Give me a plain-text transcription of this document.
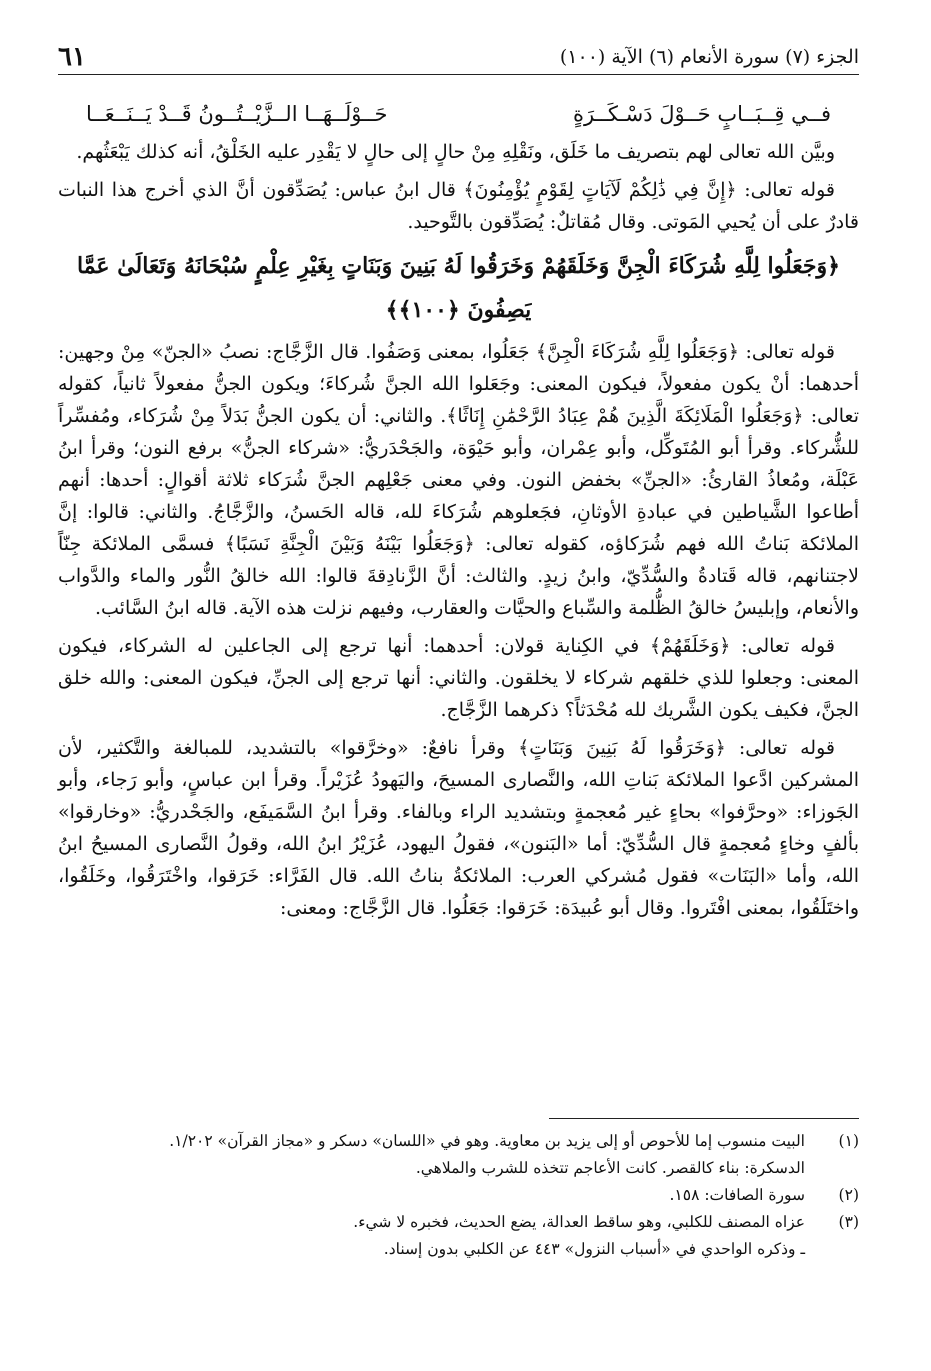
الجزء (٧) سورة الأنعام (٦) الآية (١٠٠)
٦١
فــي قِــبَــابٍ حَــوْلَ دَسْـكَــرَةٍ
حَــوْلَــهَــا الــزَّيْــتُــونُ قَــدْ يَــنَــعَــا

وبيَّن الله تعالى لهم بتصريف ما خَلَق، ونَقْلِهِ مِنْ حالٍ إلى حالٍ لا يَقْدِر عليه الخَلْقُ، أنه كذلك يَبْعَثُهم.

قوله تعالى: ﴿إِنَّ فِي ذَٰلِكُمْ لَآيَاتٍ لِقَوْمٍ يُؤْمِنُونَ﴾ قال ابنُ عباس: يُصَدِّقون أنَّ الذي أخرج هذا النبات قادرٌ على أن يُحيي المَوتى. وقال مُقاتلٌ: يُصَدِّقون بالتَّوحيد.

﴿وَجَعَلُوا لِلَّهِ شُرَكَاءَ الْجِنَّ وَخَلَقَهُمْ وَخَرَقُوا لَهُ بَنِينَ وَبَنَاتٍ بِغَيْرِ عِلْمٍ سُبْحَانَهُ وَتَعَالَىٰ عَمَّا يَصِفُونَ ﴿١٠٠﴾﴾

قوله تعالى: ﴿وَجَعَلُوا لِلَّهِ شُرَكَاءَ الْجِنَّ﴾ جَعَلُوا، بمعنى وَصَفُوا. قال الزَّجَّاج: نصبُ «الجنّ» مِنْ وجهين: أحدهما: أنْ يكون مفعولاً، فيكون المعنى: وجَعَلوا الله الجنَّ شُركاءَ؛ ويكون الجنُّ مفعولاً ثانياً، كقوله تعالى: ﴿وَجَعَلُوا الْمَلَائِكَةَ الَّذِينَ هُمْ عِبَادُ الرَّحْمَٰنِ إِنَاثًا﴾. والثاني: أن يكون الجنُّ بَدَلاً مِنْ شُرَكاء، ومُفسِّراً للشُّركاء. وقرأ أبو المُتَوكِّل، وأبو عِمْران، وأبو حَيْوَة، والجَحْدَريُّ: «شركاء الجنُّ» برفع النون؛ وقرأ ابنُ عَبْلَة، ومُعاذُ القارئُ: «الجنِّ» بخفض النون. وفي معنى جَعْلِهم الجنَّ شُرَكاء ثلاثة أقوالٍ: أحدها: أنهم أطاعوا الشَّياطين في عبادةِ الأوثانِ، فجَعلوهم شُرَكاءَ لله، قاله الحَسنُ، والزَّجَّاجُ. والثاني: قالوا: إنَّ الملائكة بَناتُ الله فهم شُرَكاؤه، كقوله تعالى: ﴿وَجَعَلُوا بَيْنَهُ وَبَيْنَ الْجِنَّةِ نَسَبًا﴾ فسمَّى الملائكة جِنّاً لاجتنانهم، قاله قَتادةُ والسُّدِّيّ، وابنُ زيدٍ. والثالث: أنَّ الزَّنادِقةَ قالوا: الله خالقُ النُّور والماء والدَّواب والأنعام، وإبليسُ خالقُ الظُّلمة والسِّباع والحيَّات والعقارب، وفيهم نزلت هذه الآية. قاله ابنُ السَّائب.

قوله تعالى: ﴿وَخَلَقَهُمْ﴾ في الكِناية قولان: أحدهما: أنها ترجع إلى الجاعلين له الشركاء، فيكون المعنى: وجعلوا للذي خلقهم شركاء لا يخلقون. والثاني: أنها ترجع إلى الجنِّ، فيكون المعنى: والله خلق الجنَّ، فكيف يكون الشَّريك لله مُحْدَثاً؟ ذكرهما الزَّجَّاج.

قوله تعالى: ﴿وَخَرَقُوا لَهُ بَنِينَ وَبَنَاتٍ﴾ وقرأ نافعٌ: «وخرَّقوا» بالتشديد، للمبالغة والتَّكثير، لأن المشركين ادَّعوا الملائكة بَناتِ الله، والنَّصارى المسيحَ، واليَهودُ عُزَيْراً. وقرأ ابن عباسٍ، وأبو رَجاء، وأبو الجَوزاء: «وحرَّفوا» بحاءٍ غير مُعجمةٍ وبتشديد الراء وبالفاء. وقرأ ابنُ السَّمَيفَع، والجَحْدريُّ: «وخارقوا» بألفٍ وخاءٍ مُعجمةٍ قال السُّدِّيّ: أما «البَنون»، فقولُ اليهود، عُزَيْرُ ابنُ الله، وقولُ النَّصارى المسيحُ ابنُ الله، وأما «البَنَات» فقول مُشركي العرب: الملائكةُ بناتُ الله. قال الفَرَّاء: خَرَقوا، واخْتَرَقُوا، وخَلَقُوا، واختَلَقُوا، بمعنى افْتَروا. وقال أبو عُبيدَة: خَرَقوا: جَعَلُوا. قال الزَّجَّاج: ومعنى:

(١)
البيت منسوب إما للأحوص أو إلى يزيد بن معاوية. وهو في «اللسان» دسكر و «مجاز القرآن» ١/٢٠٢.
الدسكرة: بناء كالقصر. كانت الأعاجم تتخذه للشرب والملاهي.
(٢)
سورة الصافات: ١٥٨.
(٣)
عزاه المصنف للكلبي، وهو ساقط العدالة، يضع الحديث، فخبره لا شيء.
ـ وذكره الواحدي في «أسباب النزول» ٤٤٣ عن الكلبي بدون إسناد.
